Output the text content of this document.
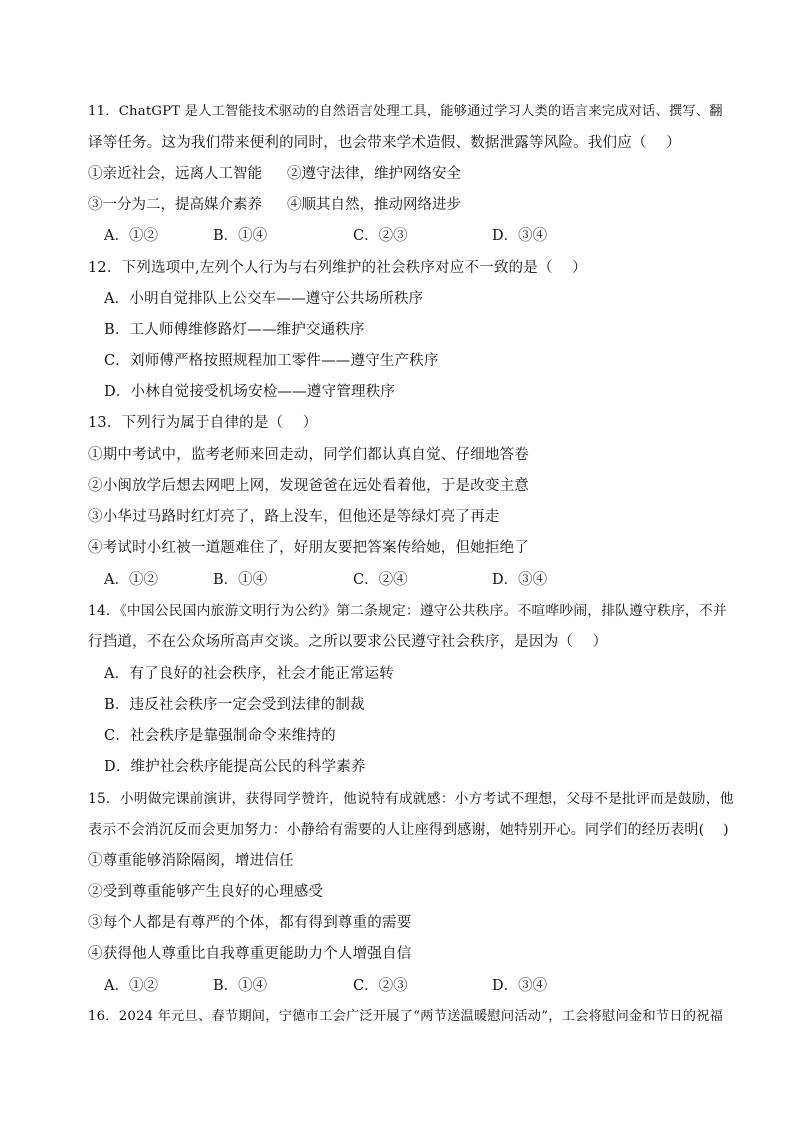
11．ChatGPT 是人工智能技术驱动的自然语言处理工具，能够通过学习人类的语言来完成对话、撰写、翻
译等任务。这为我们带来便利的同时，也会带来学术造假、数据泄露等风险。我们应（　 ）
①亲近社会，远离人工智能 ②遵守法律，维护网络安全
③一分为二，提高媒介素养 ④顺其自然，推动网络进步
A．①②	B．①④	C．②③	D．③④
12．下列选项中,左列个人行为与右列维护的社会秩序对应不一致的是（　 ）
A．小明自觉排队上公交车——遵守公共场所秩序
B．工人师傅维修路灯——维护交通秩序
C．刘师傅严格按照规程加工零件——遵守生产秩序
D．小林自觉接受机场安检——遵守管理秩序
13．下列行为属于自律的是（　 ）
①期中考试中，监考老师来回走动，同学们都认真自觉、仔细地答卷
②小闽放学后想去网吧上网，发现爸爸在远处看着他，于是改变主意
③小华过马路时红灯亮了，路上没车，但他还是等绿灯亮了再走
④考试时小红被一道题难住了，好朋友要把答案传给她，但她拒绝了
A．①②	B．①④	C．②④	D．③④
14．《中国公民国内旅游文明行为公约》第二条规定：遵守公共秩序。不喧哗吵闹，排队遵守秩序，不并
行挡道，不在公众场所高声交谈。之所以要求公民遵守社会秩序，是因为（　 ）
A．有了良好的社会秩序，社会才能正常运转
B．违反社会秩序一定会受到法律的制裁
C．社会秩序是靠强制命令来维持的
D．维护社会秩序能提高公民的科学素养
15．小明做完课前演讲，获得同学赞许，他说特有成就感：小方考试不理想，父母不是批评而是鼓励，他
表示不会消沉反而会更加努力：小静给有需要的人让座得到感谢，她特别开心。同学们的经历表明(　 )
①尊重能够消除隔阂，增进信任
②受到尊重能够产生良好的心理感受
③每个人都是有尊严的个体，都有得到尊重的需要
④获得他人尊重比自我尊重更能助力个人增强自信
A．①②	B．①④	C．②③	D．③④
16．2024 年元旦、春节期间，宁德市工会广泛开展了“两节送温暖慰问活动”，工会将慰问金和节日的祝福
